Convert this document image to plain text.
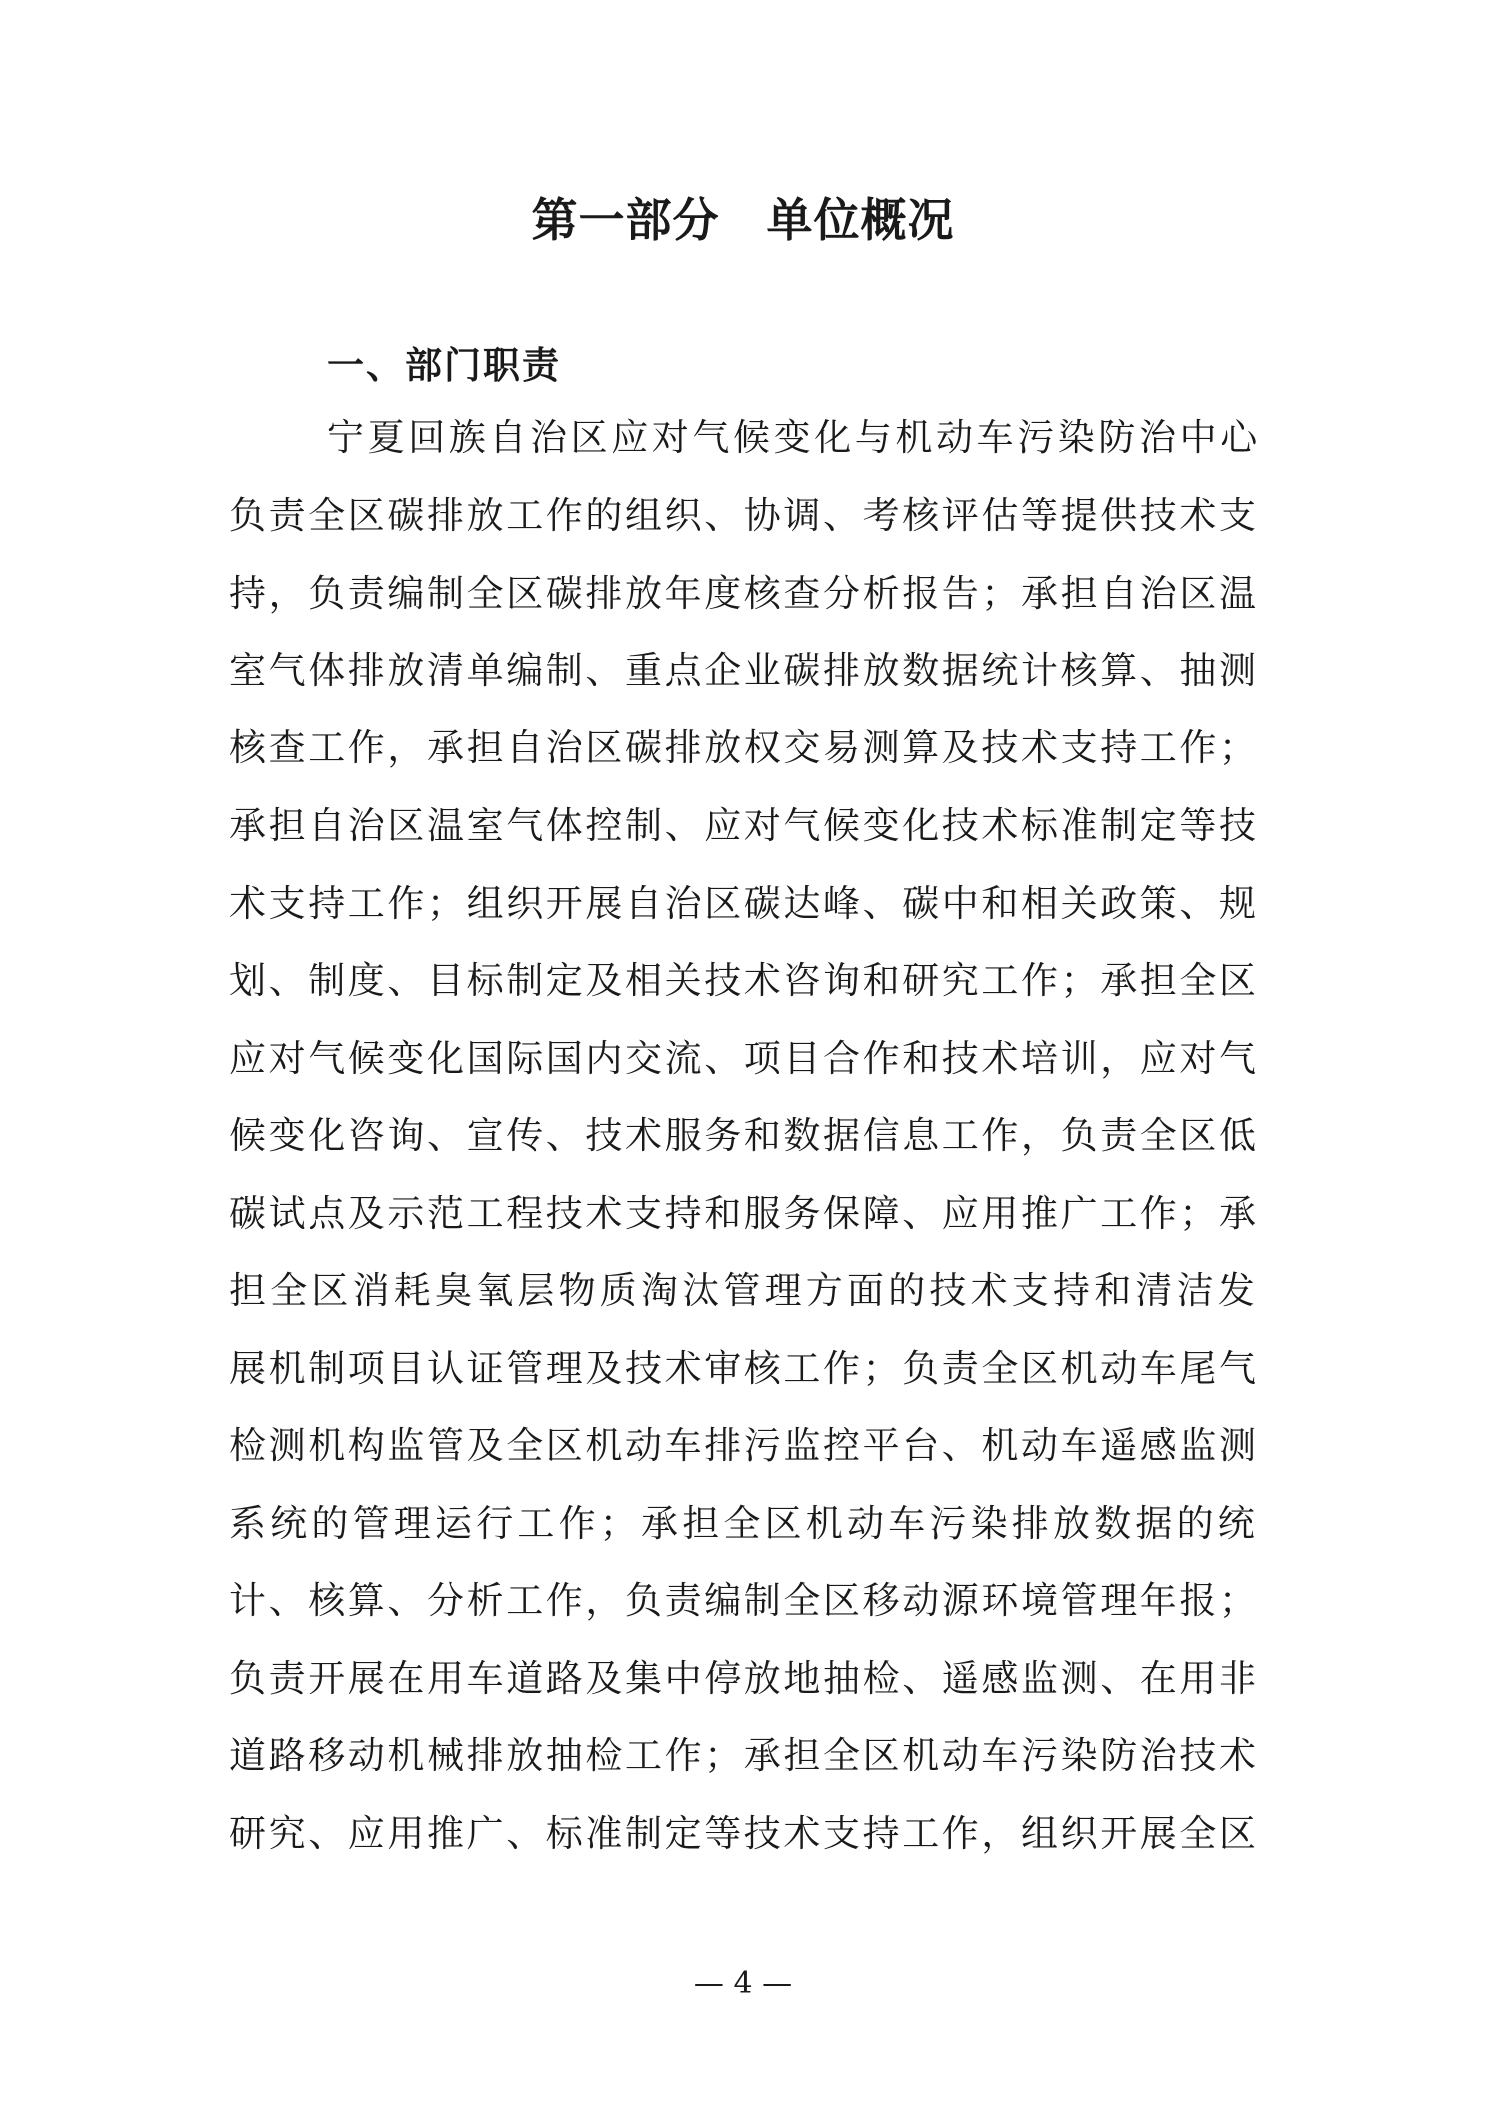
第一部分　单位概况
一、部门职责
宁夏回族自治区应对气候变化与机动车污染防治中心
负责全区碳排放工作的组织、协调、考核评估等提供技术支
持，负责编制全区碳排放年度核查分析报告；承担自治区温
室气体排放清单编制、重点企业碳排放数据统计核算、抽测
核查工作，承担自治区碳排放权交易测算及技术支持工作；
承担自治区温室气体控制、应对气候变化技术标准制定等技
术支持工作；组织开展自治区碳达峰、碳中和相关政策、规
划、制度、目标制定及相关技术咨询和研究工作；承担全区
应对气候变化国际国内交流、项目合作和技术培训，应对气
候变化咨询、宣传、技术服务和数据信息工作，负责全区低
碳试点及示范工程技术支持和服务保障、应用推广工作；承
担全区消耗臭氧层物质淘汰管理方面的技术支持和清洁发
展机制项目认证管理及技术审核工作；负责全区机动车尾气
检测机构监管及全区机动车排污监控平台、机动车遥感监测
系统的管理运行工作；承担全区机动车污染排放数据的统
计、核算、分析工作，负责编制全区移动源环境管理年报；
负责开展在用车道路及集中停放地抽检、遥感监测、在用非
道路移动机械排放抽检工作；承担全区机动车污染防治技术
研究、应用推广、标准制定等技术支持工作，组织开展全区
— 4 —
